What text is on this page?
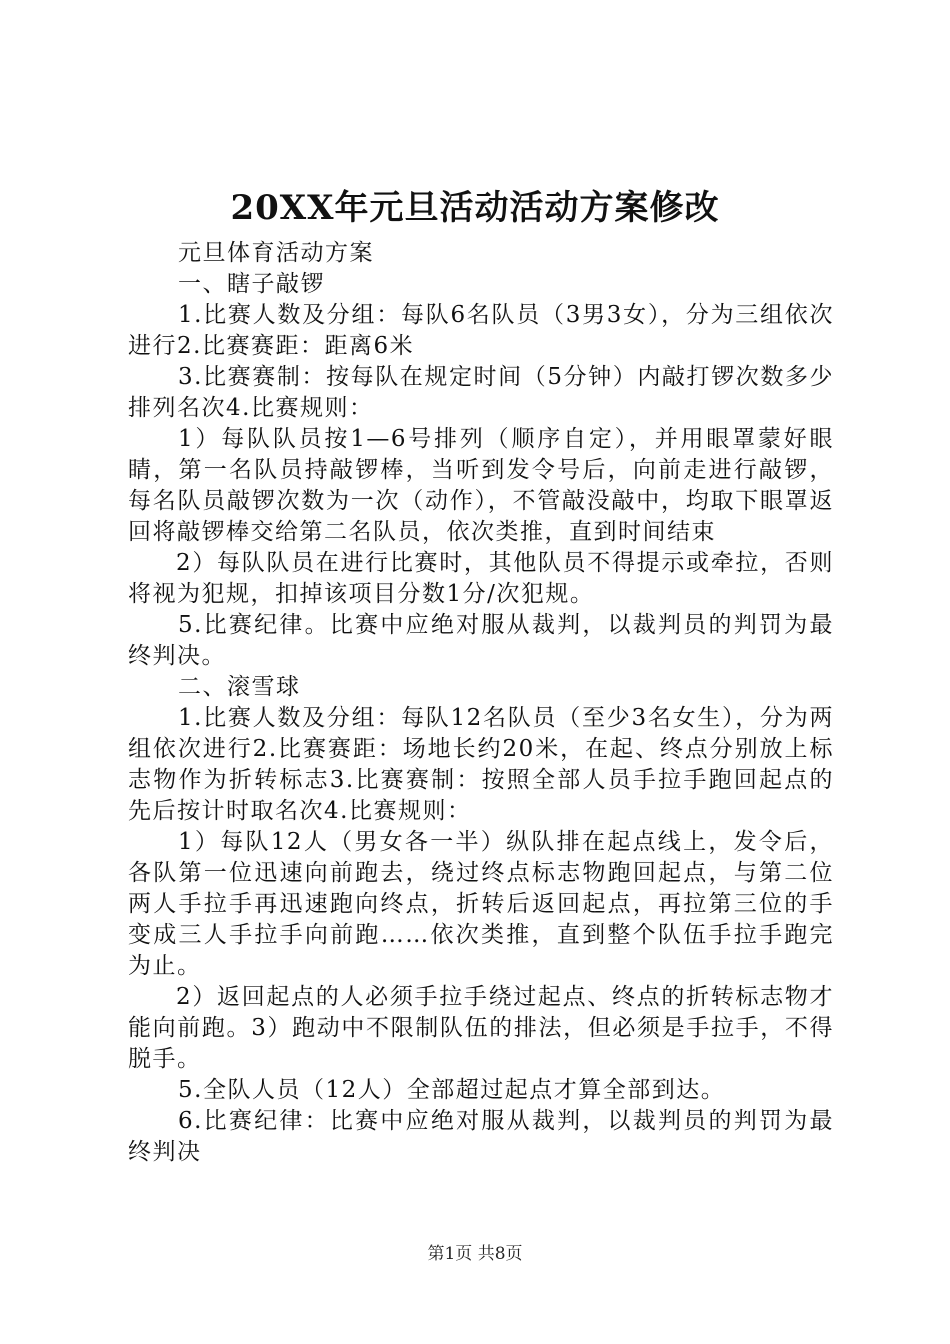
20XX年元旦活动活动方案修改

元旦体育活动方案

一、瞎子敲锣

1.比赛人数及分组：每队6名队员（3男3女），分为三组依次进行2.比赛赛距：距离6米

3.比赛赛制：按每队在规定时间（5分钟）内敲打锣次数多少排列名次4.比赛规则：

1）每队队员按1—6号排列（顺序自定），并用眼罩蒙好眼睛，第一名队员持敲锣棒，当听到发令号后，向前走进行敲锣，每名队员敲锣次数为一次（动作），不管敲没敲中，均取下眼罩返回将敲锣棒交给第二名队员，依次类推，直到时间结束

2）每队队员在进行比赛时，其他队员不得提示或牵拉，否则将视为犯规，扣掉该项目分数1分/次犯规。

5.比赛纪律。比赛中应绝对服从裁判，以裁判员的判罚为最终判决。

二、滚雪球

1.比赛人数及分组：每队12名队员（至少3名女生），分为两组依次进行2.比赛赛距：场地长约20米，在起、终点分别放上标志物作为折转标志3.比赛赛制：按照全部人员手拉手跑回起点的先后按计时取名次4.比赛规则：

1）每队12人（男女各一半）纵队排在起点线上，发令后，各队第一位迅速向前跑去，绕过终点标志物跑回起点，与第二位两人手拉手再迅速跑向终点，折转后返回起点，再拉第三位的手变成三人手拉手向前跑……依次类推，直到整个队伍手拉手跑完为止。

2）返回起点的人必须手拉手绕过起点、终点的折转标志物才能向前跑。3）跑动中不限制队伍的排法，但必须是手拉手，不得脱手。

5.全队人员（12人）全部超过起点才算全部到达。

6.比赛纪律：比赛中应绝对服从裁判，以裁判员的判罚为最终判决

第1页 共8页
